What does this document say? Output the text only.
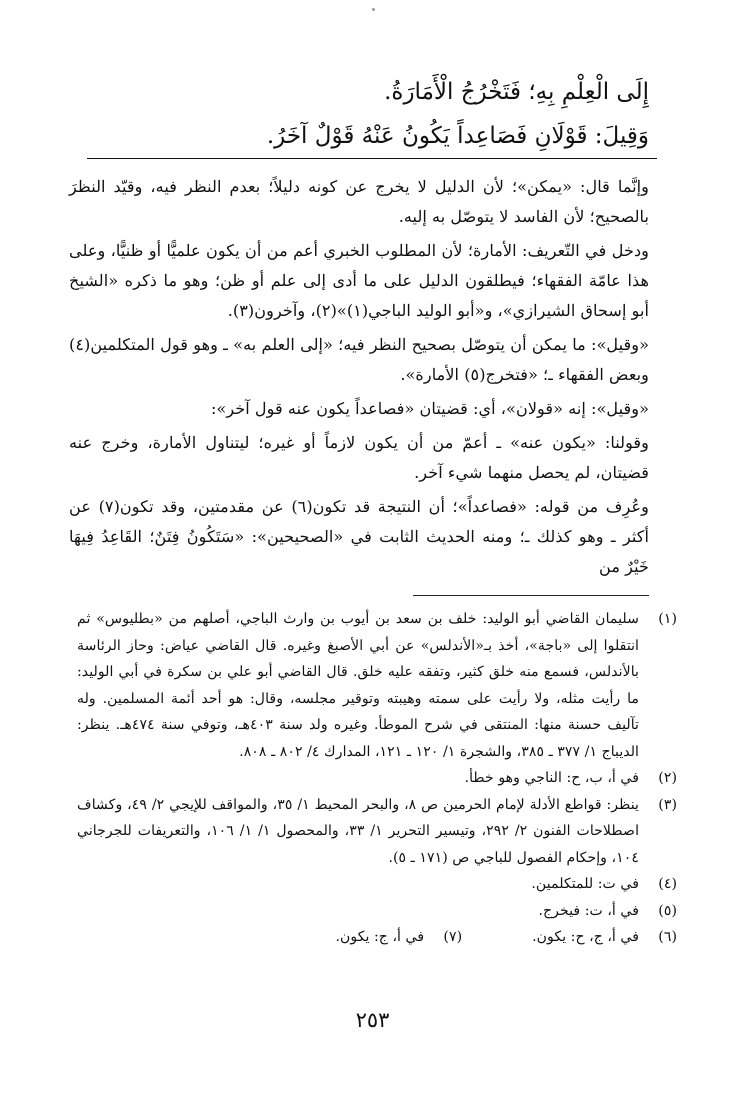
إِلَى الْعِلْمِ بِهِ؛ فَتَخْرُجُ الْأَمَارَةُ.

وَقِيلَ: قَوْلَانِ فَصَاعِداً يَكُونُ عَنْهُ قَوْلٌ آخَرُ.

وإنَّما قال: «يمكن»؛ لأن الدليل لا يخرج عن كونه دليلاً؛ بعدم النظر فيه، وقيّد النظرَ بالصحيح؛ لأن الفاسد لا يتوصّل به إليه.

ودخل في التّعريف: الأمارة؛ لأن المطلوب الخبري أعم من أن يكون علميًّا أو ظنيًّا، وعلى هذا عامّة الفقهاء؛ فيطلقون الدليل على ما أدى إلى علم أو ظن؛ وهو ما ذكره «الشيخ أبو إسحاق الشيرازي»، و«أبو الوليد الباجي(١)»(٢)، وآخرون(٣).

«وقيل»: ما يمكن أن يتوصّل بصحيح النظر فيه؛ «إلى العلم به» ـ وهو قول المتكلمين(٤) وبعض الفقهاء ـ؛ «فتخرج(٥) الأمارة».

«وقيل»: إنه «قولان»، أي: قضيتان «فصاعداً يكون عنه قول آخر»:

وقولنا: «يكون عنه» ـ أعمّ من أن يكون لازماً أو غيره؛ ليتناول الأمارة، وخرج عنه قضيتان، لم يحصل منهما شيء آخر.

وعُرِف من قوله: «فصاعداً»؛ أن النتيجة قد تكون(٦) عن مقدمتين، وقد تكون(٧) عن أكثر ـ وهو كذلك ـ؛ ومنه الحديث الثابت في «الصحيحين»: «سَتَكُونُ فِتَنٌ؛ القَاعِدُ فِيهَا خَيْرٌ من

(١)
سليمان القاضي أبو الوليد: خلف بن سعد بن أيوب بن وارث الباجي، أصلهم من «بطليوس» ثم انتقلوا إلى «باجة»، أخذ بـ«الأندلس» عن أبي الأصبغ وغيره. قال القاضي عياض: وحاز الرئاسة بالأندلس، فسمع منه خلق كثير، وتفقه عليه خلق. قال القاضي أبو علي بن سكرة في أبي الوليد: ما رأيت مثله، ولا رأيت على سمته وهيبته وتوقير مجلسه، وقال: هو أحد أئمة المسلمين. وله تآليف حسنة منها: المنتقى في شرح الموطأ. وغيره ولد سنة ٤٠٣هـ، وتوفي سنة ٤٧٤هـ. ينظر: الديباج ١/ ٣٧٧ ـ ٣٨٥، والشجرة ١/ ١٢٠ ـ ١٢١، المدارك ٤/ ٨٠٢ ـ ٨٠٨.
(٢)
في أ، ب، ح: الناجي وهو خطأ.
(٣)
ينظر: قواطع الأدلة لإمام الحرمين ص ٨، والبحر المحيط ١/ ٣٥، والمواقف للإيجي ٢/ ٤٩، وكشاف اصطلاحات الفنون ٢/ ٢٩٢، وتيسير التحرير ١/ ٣٣، والمحصول ١/ ١/ ١٠٦، والتعريفات للجرجاني ١٠٤، وإحكام الفصول للباجي ص (١٧١ ـ ٥).
(٤)
في ت: للمتكلمين.
(٥)
في أ، ت: فيخرج.
(٦)
في أ، ج، ح: يكون.
(٧)
في أ، ج: يكون.
٢٥٣
